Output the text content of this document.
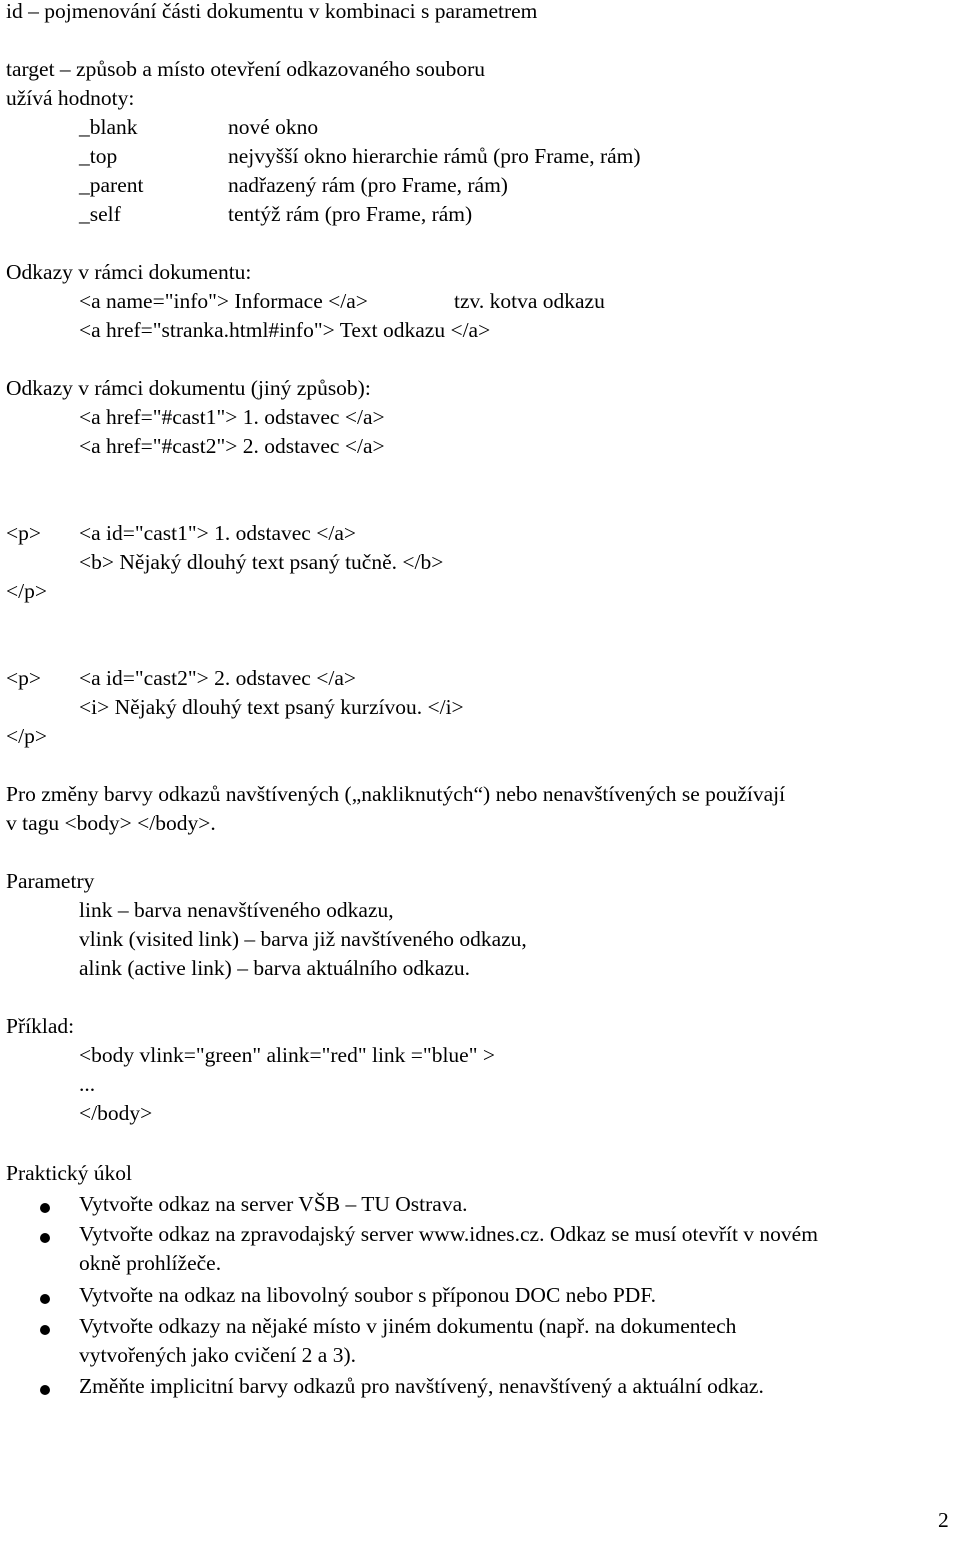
id – pojmenování části dokumentu v kombinaci s parametrem
target – způsob a místo otevření odkazovaného souboru
užívá hodnoty:
_blank	nové okno
_top	nejvyšší okno hierarchie rámů (pro Frame, rám)
_parent	nadřazený rám (pro Frame, rám)
_self	tentýž rám (pro Frame, rám)
Odkazy v rámci dokumentu:
<a name="info"> Informace </a>	tzv. kotva odkazu
<a href="stranka.html#info"> Text odkazu </a>
Odkazy v rámci dokumentu (jiný způsob):
<a href="#cast1"> 1. odstavec </a>
<a href="#cast2"> 2. odstavec </a>
<p> <a id="cast1"> 1. odstavec </a>
<b> Nějaký dlouhý text psaný tučně. </b>
</p>
<p> <a id="cast2"> 2. odstavec </a>
<i> Nějaký dlouhý text psaný kurzívou. </i>
</p>
Pro změny barvy odkazů navštívených („nakliknutých“) nebo nenavštívených se používají
v tagu <body> </body>.
Parametry
link – barva nenavštíveného odkazu,
vlink (visited link) – barva již navštíveného odkazu,
alink (active link) – barva aktuálního odkazu.
Příklad:
<body vlink="green" alink="red" link ="blue" >
...
</body>
Praktický úkol
Vytvořte odkaz na server VŠB – TU Ostrava.
Vytvořte odkaz na zpravodajský server www.idnes.cz. Odkaz se musí otevřít v novém
okně prohlížeče.
Vytvořte na odkaz na libovolný soubor s příponou DOC nebo PDF.
Vytvořte odkazy na nějaké místo v jiném dokumentu (např. na dokumentech
vytvořených jako cvičení 2 a 3).
Změňte implicitní barvy odkazů pro navštívený, nenavštívený a aktuální odkaz.
2
